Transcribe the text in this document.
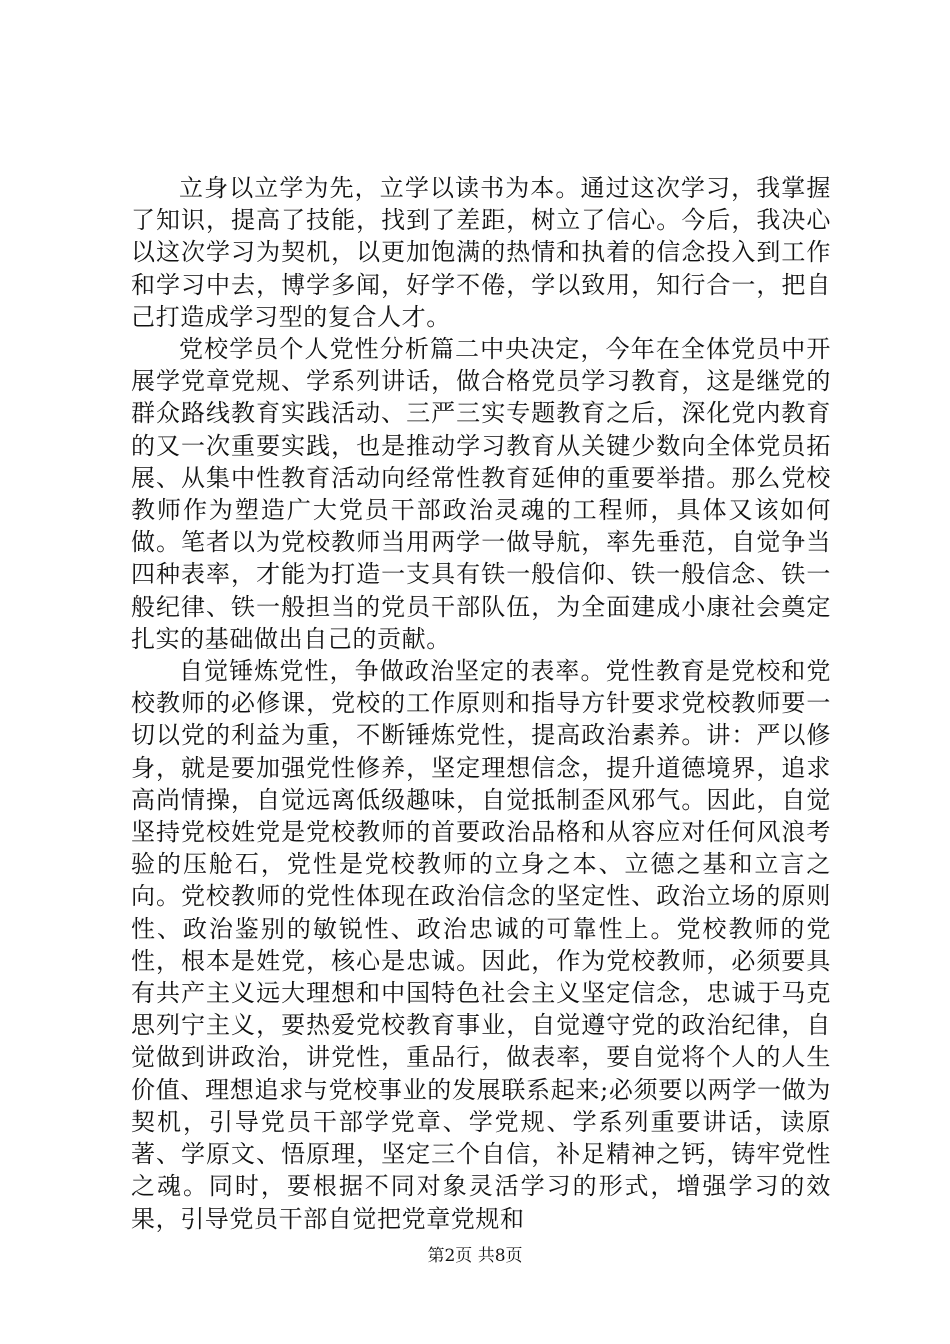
立身以立学为先，立学以读书为本。通过这次学习，我掌握了知识，提高了技能，找到了差距，树立了信心。今后，我决心以这次学习为契机，以更加饱满的热情和执着的信念投入到工作和学习中去，博学多闻，好学不倦，学以致用，知行合一，把自己打造成学习型的复合人才。

党校学员个人党性分析篇二中央决定，今年在全体党员中开展学党章党规、学系列讲话，做合格党员学习教育，这是继党的群众路线教育实践活动、三严三实专题教育之后，深化党内教育的又一次重要实践，也是推动学习教育从关键少数向全体党员拓展、从集中性教育活动向经常性教育延伸的重要举措。那么党校教师作为塑造广大党员干部政治灵魂的工程师，具体又该如何做。笔者以为党校教师当用两学一做导航，率先垂范，自觉争当四种表率，才能为打造一支具有铁一般信仰、铁一般信念、铁一般纪律、铁一般担当的党员干部队伍，为全面建成小康社会奠定扎实的基础做出自己的贡献。

自觉锤炼党性，争做政治坚定的表率。党性教育是党校和党校教师的必修课，党校的工作原则和指导方针要求党校教师要一切以党的利益为重，不断锤炼党性，提高政治素养。讲：严以修身，就是要加强党性修养，坚定理想信念，提升道德境界，追求高尚情操，自觉远离低级趣味，自觉抵制歪风邪气。因此，自觉坚持党校姓党是党校教师的首要政治品格和从容应对任何风浪考验的压舱石，党性是党校教师的立身之本、立德之基和立言之向。党校教师的党性体现在政治信念的坚定性、政治立场的原则性、政治鉴别的敏锐性、政治忠诚的可靠性上。党校教师的党性，根本是姓党，核心是忠诚。因此，作为党校教师，必须要具有共产主义远大理想和中国特色社会主义坚定信念，忠诚于马克思列宁主义，要热爱党校教育事业，自觉遵守党的政治纪律，自觉做到讲政治，讲党性，重品行，做表率，要自觉将个人的人生价值、理想追求与党校事业的发展联系起来;必须要以两学一做为契机，引导党员干部学党章、学党规、学系列重要讲话，读原著、学原文、悟原理，坚定三个自信，补足精神之钙，铸牢党性之魂。同时，要根据不同对象灵活学习的形式，增强学习的效果，引导党员干部自觉把党章党规和

第2页 共8页
